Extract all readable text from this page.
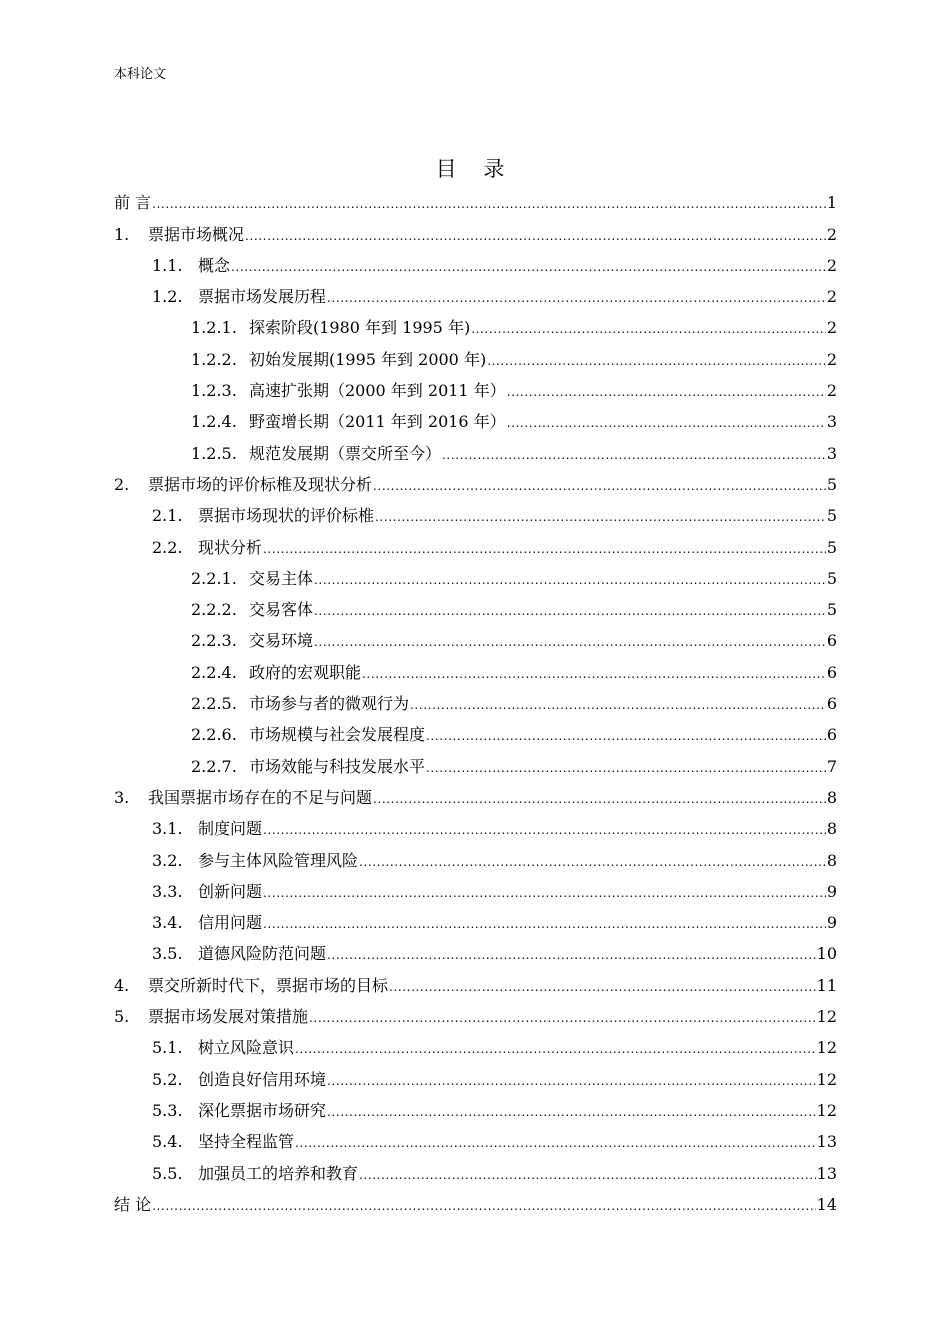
本科论文
目 录
前 言 .....	1
1.	票据市场概况 .....	2
1.1. 概念 .....	2
1.2. 票据市场发展历程 .....	2
1.2.1. 探索阶段(1980 年到 1995 年) .....	2
1.2.2. 初始发展期(1995 年到 2000 年) .....	2
1.2.3. 高速扩张期（2000 年到 2011 年） .....	2
1.2.4. 野蛮增长期（2011 年到 2016 年） .....	3
1.2.5. 规范发展期（票交所至今） .....	3
2.	票据市场的评价标椎及现状分析 .....	5
2.1. 票据市场现状的评价标椎 .....	5
2.2. 现状分析 .....	5
2.2.1. 交易主体 .....	5
2.2.2. 交易客体 .....	5
2.2.3. 交易环境 .....	6
2.2.4. 政府的宏观职能 .....	6
2.2.5. 市场参与者的微观行为 .....	6
2.2.6. 市场规模与社会发展程度 .....	6
2.2.7. 市场效能与科技发展水平 .....	7
3.	我国票据市场存在的不足与问题 .....	8
3.1. 制度问题 .....	8
3.2. 参与主体风险管理风险 .....	8
3.3. 创新问题 .....	9
3.4. 信用问题 .....	9
3.5. 道德风险防范问题 .....	10
4.	票交所新时代下，票据市场的目标 .....	11
5.	票据市场发展对策措施 .....	12
5.1. 树立风险意识 .....	12
5.2. 创造良好信用环境 .....	12
5.3. 深化票据市场研究 .....	12
5.4. 坚持全程监管 .....	13
5.5. 加强员工的培养和教育 .....	13
结 论 .....	14
